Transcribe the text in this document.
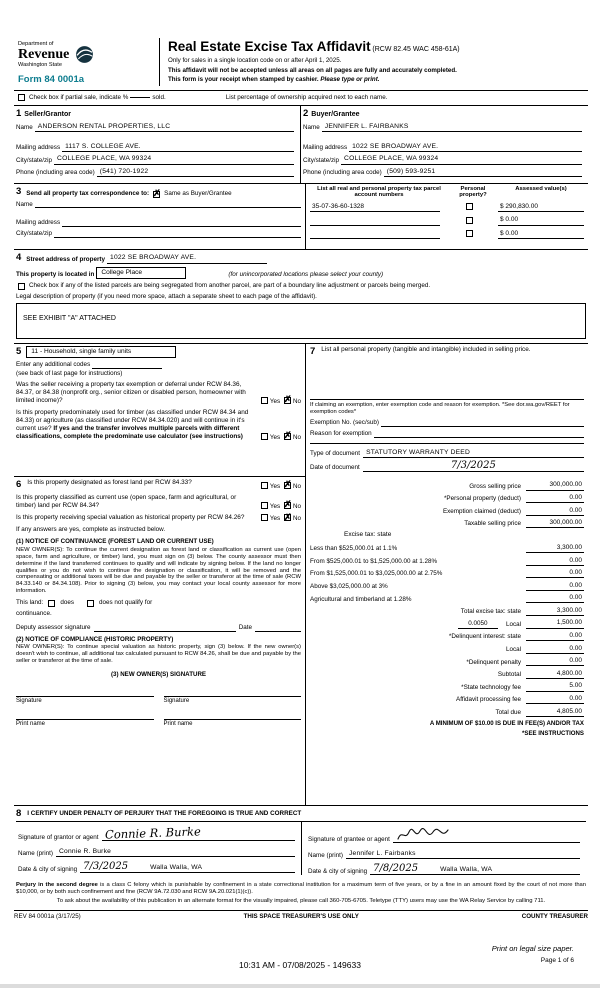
Department of
Revenue
Washington State
Form 84 0001a
Real Estate Excise Tax Affidavit (RCW 82.45 WAC 458-61A)
Only for sales in a single location code on or after April 1, 2025.
This affidavit will not be accepted unless all areas on all pages are fully and accurately completed.
This form is your receipt when stamped by cashier. Please type or print.
Check box if partial sale, indicate %	sold.	List percentage of ownership acquired next to each name.
1 Seller/Grantor
Name ANDERSON RENTAL PROPERTIES, LLC
Mailing address 1117 S. COLLEGE AVE.
City/state/zip COLLEGE PLACE, WA 99324
Phone (including area code) (541) 720-1922
2 Buyer/Grantee
Name JENNIFER L. FAIRBANKS
Mailing address 1022 SE BROADWAY AVE.
City/state/zip COLLEGE PLACE, WA 99324
Phone (including area code) (509) 593-9251
3 Send all property tax correspondence to: ✗ Same as Buyer/Grantee
Name
Mailing address
City/state/zip
List all real and personal property tax parcel account numbers
Personal property?
Assessed value(s)
35-07-36-60-1328	$ 290,830.00
$ 0.00
$ 0.00
4 Street address of property 1022 SE BROADWAY AVE.
This property is located in	College Place	(for unincorporated locations please select your county)
Check box if any of the listed parcels are being segregated from another parcel, are part of a boundary line adjustment or parcels being merged.
Legal description of property (if you need more space, attach a separate sheet to each page of the affidavit).
SEE EXHIBIT "A" ATTACHED
5	11 - Household, single family units
Enter any additional codes
(see back of last page for instructions)
Was the seller receiving a property tax exemption or deferral under RCW 84.36, 84.37, or 84.38 (nonprofit org., senior citizen or disabled person, homeowner with limited income)?	Yes ✗ No
Is this property predominately used for timber (as classified under RCW 84.34 and 84.33) or agriculture (as classified under RCW 84.34.020) and will continue in it's current use? If yes and the transfer involves multiple parcels with different classifications, complete the predominate use calculator (see instructions)	Yes ✗ No
6 Is this property designated as forest land per RCW 84.33?
Yes ✗ No
Is this property classified as current use (open space, farm and agricultural, or timber) land per RCW 84.34?	Yes ✗ No
Is this property receiving special valuation as historical property per RCW 84.26?	Yes ✗ No
If any answers are yes, complete as instructed below.
(1) NOTICE OF CONTINUANCE (FOREST LAND OR CURRENT USE)
NEW OWNER(S): To continue the current designation as forest land or classification as current use (open space, farm and agriculture, or timber) land, you must sign on (3) below. The county assessor must then determine if the land transferred continues to qualify and will indicate by signing below. If the land no longer qualifies or you do not wish to continue the designation or classification, it will be removed and the compensating or additional taxes will be due and payable by the seller or transferor at the time of sale (RCW 84.33.140 or 84.34.108). Prior to signing (3) below, you may contact your local county assessor for more information.
This land:	does	does not qualify for
continuance.
Deputy assessor signature	Date
(2) NOTICE OF COMPLIANCE (HISTORIC PROPERTY)
NEW OWNER(S): To continue special valuation as historic property, sign (3) below. If the new owner(s) doesn't wish to continue, all additional tax calculated pursuant to RCW 84.26, shall be due and payable by the seller or transferor at the time of sale.
(3) NEW OWNER(S) SIGNATURE
Signature	Signature
Print name	Print name
7 List all personal property (tangible and intangible) included in selling price.
If claiming an exemption, enter exemption code and reason for exemption. *See dor.wa.gov/REET for exemption codes*
Exemption No. (sec/sub)
Reason for exemption
Type of document STATUTORY WARRANTY DEED
Date of document	7/3/2025
Gross selling price	300,000.00
*Personal property (deduct)	0.00
Exemption claimed (deduct)	0.00
Taxable selling price	300,000.00
Excise tax: state
Less than $525,000.01 at 1.1%	3,300.00
From $525,000.01 to $1,525,000.00 at 1.28%	0.00
From $1,525,000.01 to $3,025,000.00 at 2.75%	0.00
Above $3,025,000.00 at 3%	0.00
Agricultural and timberland at 1.28%	0.00
Total excise tax: state	3,300.00
0.0050	Local	1,500.00
*Delinquent interest: state	0.00
Local	0.00
*Delinquent penalty	0.00
Subtotal	4,800.00
*State technology fee	5.00
Affidavit processing fee	0.00
Total due	4,805.00
A MINIMUM OF $10.00 IS DUE IN FEE(S) AND/OR TAX
*SEE INSTRUCTIONS
8 I CERTIFY UNDER PENALTY OF PERJURY THAT THE FOREGOING IS TRUE AND CORRECT
Signature of grantor or agent Connie R. Burke
Name (print) Connie R. Burke
Date & city of signing 7/3/2025	Walla Walla, WA
Signature of grantee or agent
Name (print) Jennifer L. Fairbanks
Date & city of signing 7/8/2025	Walla Walla, WA
Perjury in the second degree is a class C felony which is punishable by confinement in a state correctional institution for a maximum term of five years, or by a fine in an amount fixed by the court of not more than $10,000, or by both such confinement and fine (RCW 9A.72.030 and RCW 9A.20.021(1)(c)).
To ask about the availability of this publication in an alternate format for the visually impaired, please call 360-705-6705. Teletype (TTY) users may use the WA Relay Service by calling 711.
REV 84 0001a (3/17/25)	THIS SPACE TREASURER'S USE ONLY	COUNTY TREASURER
Print on legal size paper.
Page 1 of 6
10:31 AM - 07/08/2025 - 149633
